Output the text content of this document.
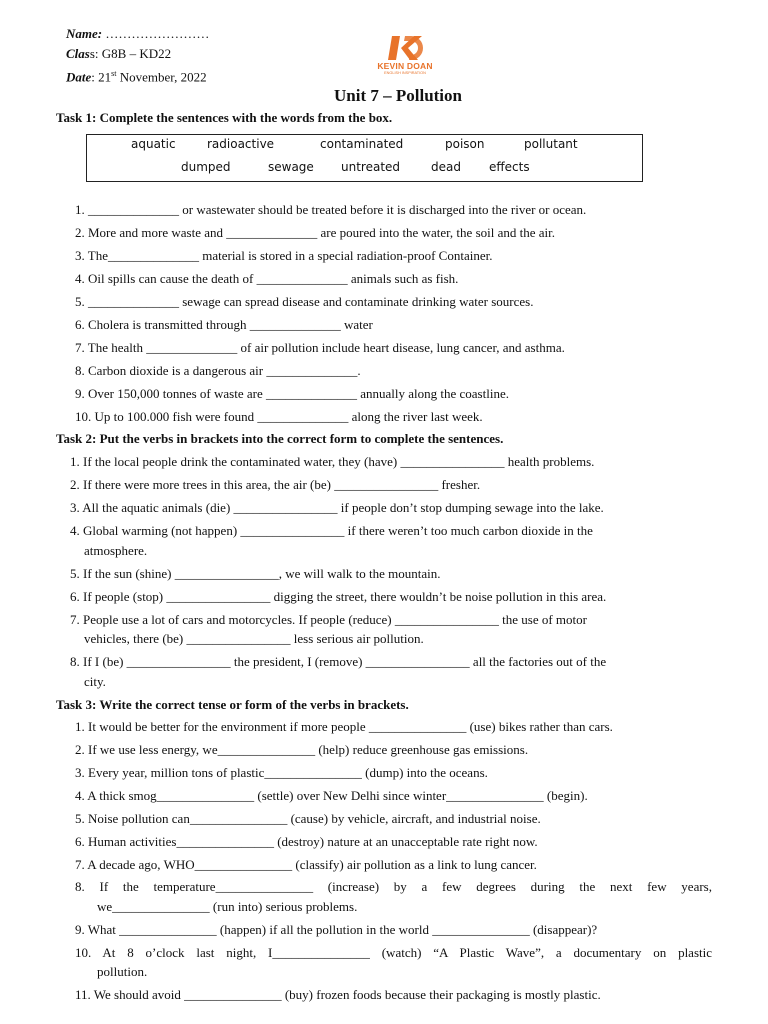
Name: ……………………
Class: G8B – KD22
Date: 21st November, 2022
KEVIN DOAN
ENGLISH INSPIRATION
Unit 7 – Pollution
Task 1: Complete the sentences with the words from the box.
aquatic	radioactive	contaminated	poison	pollutant
dumped	sewage untreated	dead effects
1. ______________ or wastewater should be treated before it is discharged into the river or ocean.
2. More and more waste and ______________ are poured into the water, the soil and the air.
3. The______________ material is stored in a special radiation-proof Container.
4. Oil spills can cause the death of ______________ animals such as fish.
5. ______________ sewage can spread disease and contaminate drinking water sources.
6. Cholera is transmitted through ______________ water
7. The health ______________ of air pollution include heart disease, lung cancer, and asthma.
8. Carbon dioxide is a dangerous air ______________.
9. Over 150,000 tonnes of waste are ______________ annually along the coastline.
10. Up to 100.000 fish were found ______________ along the river last week.
Task 2: Put the verbs in brackets into the correct form to complete the sentences.
1. If the local people drink the contaminated water, they (have) ________________ health problems.
2. If there were more trees in this area, the air (be) ________________ fresher.
3. All the aquatic animals (die) ________________ if people don’t stop dumping sewage into the lake.
4. Global warming (not happen) ________________ if there weren’t too much carbon dioxide in the
atmosphere.
5. If the sun (shine) ________________, we will walk to the mountain.
6. If people (stop) ________________ digging the street, there wouldn’t be noise pollution in this area.
7. People use a lot of cars and motorcycles. If people (reduce) ________________ the use of motor
vehicles, there (be) ________________ less serious air pollution.
8. If I (be) ________________ the president, I (remove) ________________ all the factories out of the
city.
Task 3: Write the correct tense or form of the verbs in brackets.
1. It would be better for the environment if more people _______________ (use) bikes rather than cars.
2. If we use less energy, we_______________ (help) reduce greenhouse gas emissions.
3. Every year, million tons of plastic_______________ (dump) into the oceans.
4. A thick smog_______________ (settle) over New Delhi since winter_______________ (begin).
5. Noise pollution can_______________ (cause) by vehicle, aircraft, and industrial noise.
6. Human activities_______________ (destroy) nature at an unacceptable rate right now.
7. A decade ago, WHO_______________ (classify) air pollution as a link to lung cancer.
8. If the temperature_______________ (increase) by a few degrees during the next few years,
we_______________ (run into) serious problems.
9. What _______________ (happen) if all the pollution in the world _______________ (disappear)?
10. At 8 o’clock last night, I_______________ (watch) “A Plastic Wave”, a documentary on plastic
pollution.
11. We should avoid _______________ (buy) frozen foods because their packaging is mostly plastic.
